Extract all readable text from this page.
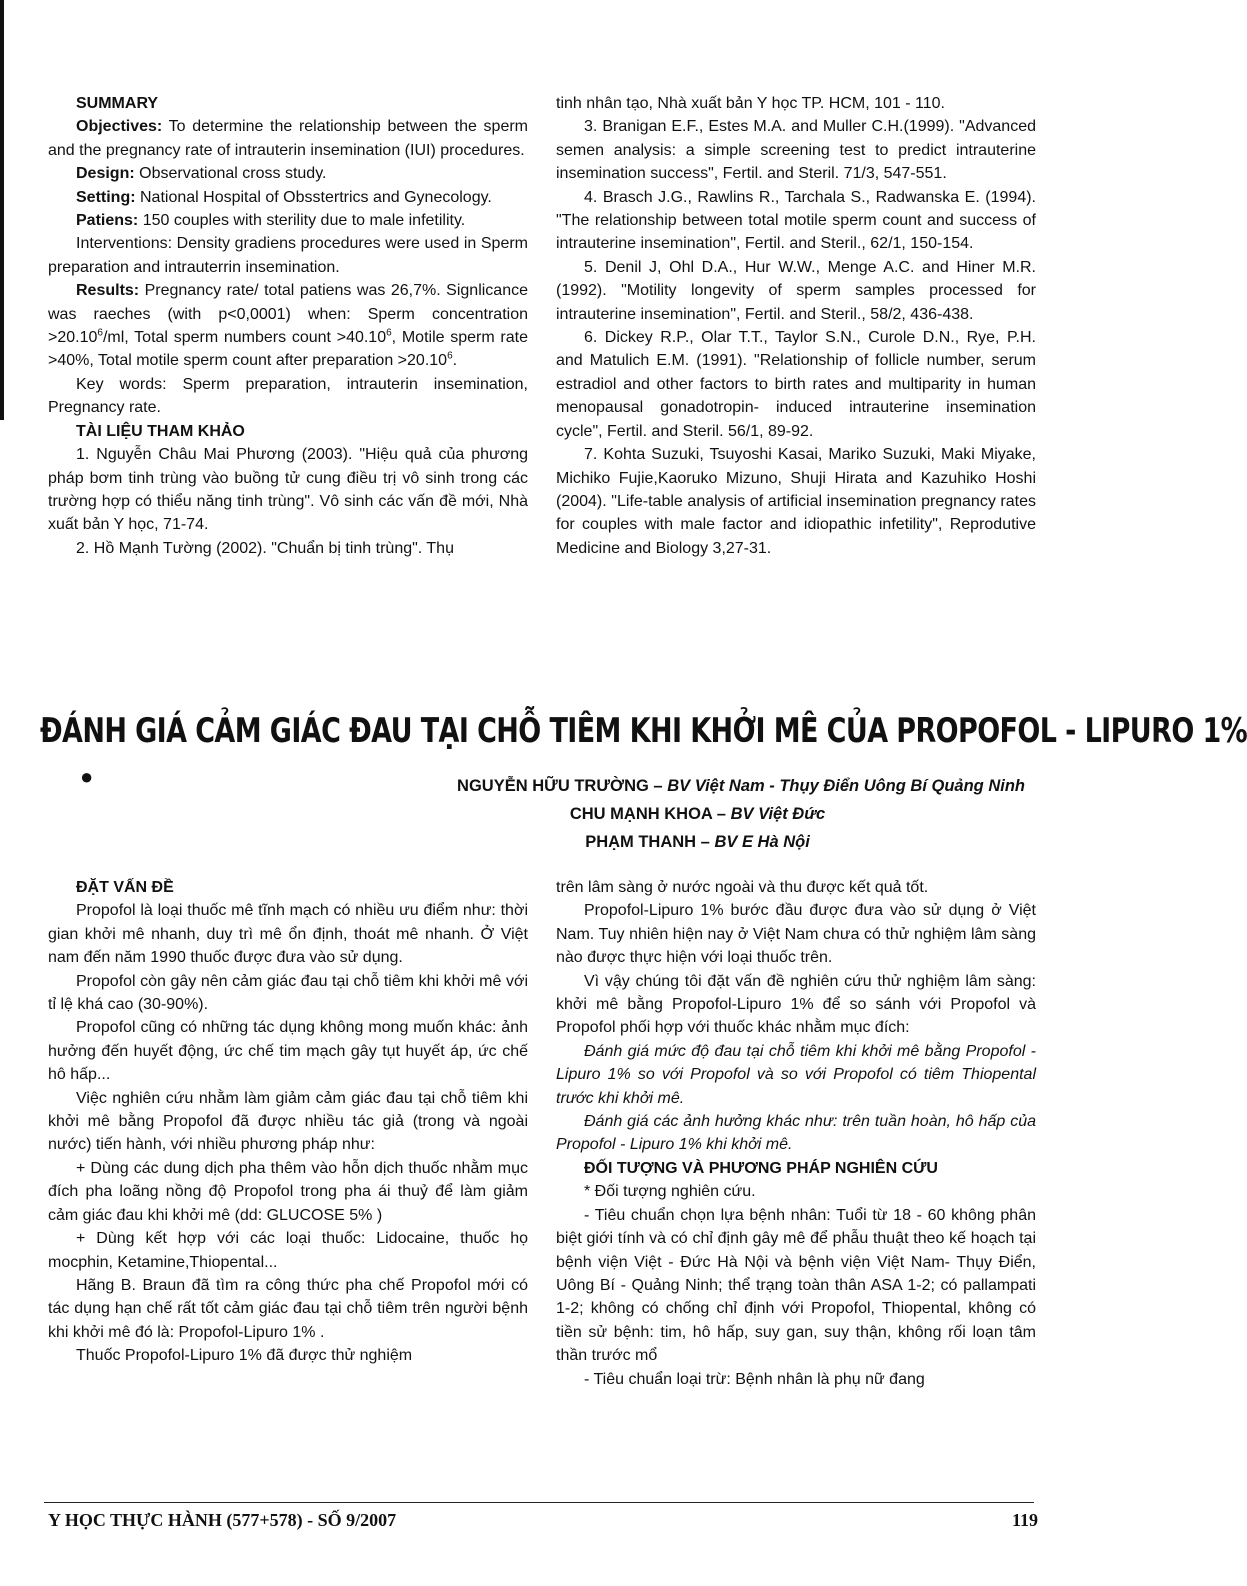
SUMMARY

Objectives: To determine the relationship between the sperm and the pregnancy rate of intrauterin insemination (IUI) procedures.

Design: Observational cross study.

Setting: National Hospital of Obsstertrics and Gynecology.

Patiens: 150 couples with sterility due to male infetility.

Interventions: Density gradiens procedures were used in Sperm preparation and intrauterrin insemination.

Results: Pregnancy rate/ total patiens was 26,7%. Signlicance was raeches (with p<0,0001) when: Sperm concentration $>20.10^6/ml$, Total sperm numbers count $>40.10^6$, Motile sperm rate >40%, Total motile sperm count after preparation $>20.10^6$.

Key words: Sperm preparation, intrauterin insemination, Pregnancy rate.

TÀI LIỆU THAM KHẢO

1. Nguyễn Châu Mai Phương (2003). "Hiệu quả của phương pháp bơm tinh trùng vào buồng tử cung điều trị vô sinh trong các trường hợp có thiểu năng tinh trùng". Vô sinh các vấn đề mới, Nhà xuất bản Y học, 71-74.

2. Hồ Mạnh Tường (2002). "Chuẩn bị tinh trùng". Thụ

tinh nhân tạo, Nhà xuất bản Y học TP. HCM, 101 - 110.

3. Branigan E.F., Estes M.A. and Muller C.H.(1999). "Advanced semen analysis: a simple screening test to predict intrauterine insemination success", Fertil. and Steril. 71/3, 547-551.

4. Brasch J.G., Rawlins R., Tarchala S., Radwanska E. (1994). "The relationship between total motile sperm count and success of intrauterine insemination", Fertil. and Steril., 62/1, 150-154.

5. Denil J, Ohl D.A., Hur W.W., Menge A.C. and Hiner M.R.(1992). "Motility longevity of sperm samples processed for intrauterine insemination", Fertil. and Steril., 58/2, 436-438.

6. Dickey R.P., Olar T.T., Taylor S.N., Curole D.N., Rye, P.H. and Matulich E.M. (1991). "Relationship of follicle number, serum estradiol and other factors to birth rates and multiparity in human menopausal gonadotropin- induced intrauterine insemination cycle", Fertil. and Steril. 56/1, 89-92.

7. Kohta Suzuki, Tsuyoshi Kasai, Mariko Suzuki, Maki Miyake, Michiko Fujie,Kaoruko Mizuno, Shuji Hirata and Kazuhiko Hoshi (2004). "Life-table analysis of artificial insemination pregnancy rates for couples with male factor and idiopathic infetility", Reprodutive Medicine and Biology 3,27-31.

ĐÁNH GIÁ CẢM GIÁC ĐAU TẠI CHỖ TIÊM KHI KHỞI MÊ CỦA PROPOFOL - LIPURO 1%
●	NGUYỄN HỮU TRƯỜNG – BV Việt Nam - Thụy Điển Uông Bí Quảng Ninh
CHU MẠNH KHOA – BV Việt Đức
PHẠM THANH – BV E Hà Nội

ĐẶT VẤN ĐỀ

Propofol là loại thuốc mê tĩnh mạch có nhiều ưu điểm như: thời gian khởi mê nhanh, duy trì mê ổn định, thoát mê nhanh. Ở Việt nam đến năm 1990 thuốc được đưa vào sử dụng.

Propofol còn gây nên cảm giác đau tại chỗ tiêm khi khởi mê với tỉ lệ khá cao (30-90%).

Propofol cũng có những tác dụng không mong muốn khác: ảnh hưởng đến huyết động, ức chế tim mạch gây tụt huyết áp, ức chế hô hấp...

Việc nghiên cứu nhằm làm giảm cảm giác đau tại chỗ tiêm khi khởi mê bằng Propofol đã được nhiều tác giả (trong và ngoài nước) tiến hành, với nhiều phương pháp như:

+ Dùng các dung dịch pha thêm vào hỗn dịch thuốc nhằm mục đích pha loãng nồng độ Propofol trong pha ái thuỷ để làm giảm cảm giác đau khi khởi mê (dd: GLUCOSE 5% )

+ Dùng kết hợp với các loại thuốc: Lidocaine, thuốc họ mocphin, Ketamine,Thiopental...

Hãng B. Braun đã tìm ra công thức pha chế Propofol mới có tác dụng hạn chế rất tốt cảm giác đau tại chỗ tiêm trên người bệnh khi khởi mê đó là: Propofol-Lipuro 1% .

Thuốc Propofol-Lipuro 1% đã được thử nghiệm

trên lâm sàng ở nước ngoài và thu được kết quả tốt.

Propofol-Lipuro 1% bước đầu được đưa vào sử dụng ở Việt Nam. Tuy nhiên hiện nay ở Việt Nam chưa có thử nghiệm lâm sàng nào được thực hiện với loại thuốc trên.

Vì vậy chúng tôi đặt vấn đề nghiên cứu thử nghiệm lâm sàng: khởi mê bằng Propofol-Lipuro 1% để so sánh với Propofol và Propofol phối hợp với thuốc khác nhằm mục đích:

Đánh giá mức độ đau tại chỗ tiêm khi khởi mê bằng Propofol - Lipuro 1% so với Propofol và so với Propofol có tiêm Thiopental trước khi khởi mê.

Đánh giá các ảnh hưởng khác như: trên tuần hoàn, hô hấp của Propofol - Lipuro 1% khi khởi mê.

ĐỐI TƯỢNG VÀ PHƯƠNG PHÁP NGHIÊN CỨU

* Đối tượng nghiên cứu.

- Tiêu chuẩn chọn lựa bệnh nhân: Tuổi từ 18 - 60 không phân biệt giới tính và có chỉ định gây mê để phẫu thuật theo kế hoạch tại bệnh viện Việt - Đức Hà Nội và bệnh viện Việt Nam- Thụy Điển, Uông Bí - Quảng Ninh; thể trạng toàn thân ASA 1-2; có pallampati 1-2; không có chống chỉ định với Propofol, Thiopental, không có tiền sử bệnh: tim, hô hấp, suy gan, suy thận, không rối loạn tâm thần trước mổ

- Tiêu chuẩn loại trừ: Bệnh nhân là phụ nữ đang

Y HỌC THỰC HÀNH (577+578) - SỐ 9/2007	119
